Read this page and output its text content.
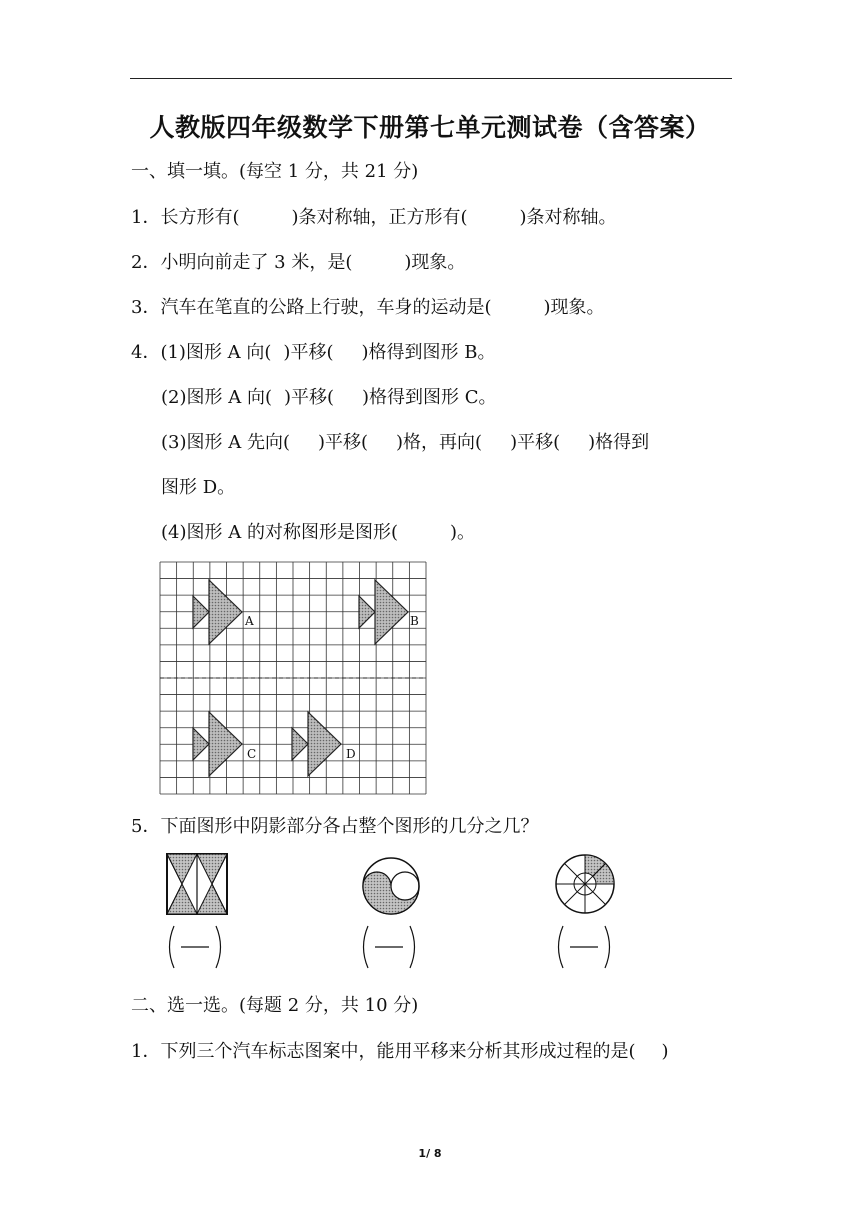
人教版四年级数学下册第七单元测试卷（含答案）
一、填一填。(每空 1 分，共 21 分)
1．长方形有(	)条对称轴，正方形有(	)条对称轴。
2．小明向前走了 3 米，是(	)现象。
3．汽车在笔直的公路上行驶，车身的运动是(	)现象。
4．(1)图形 A 向( )平移( )格得到图形 B。
(2)图形 A 向( )平移( )格得到图形 C。
(3)图形 A 先向( )平移( )格，再向( )平移( )格得到
图形 D。
(4)图形 A 的对称图形是图形(	)。
A	B
C	D
5．下面图形中阴影部分各占整个图形的几分之几？
二、选一选。(每题 2 分，共 10 分)
1．下列三个汽车标志图案中，能用平移来分析其形成过程的是( )
1/ 8
